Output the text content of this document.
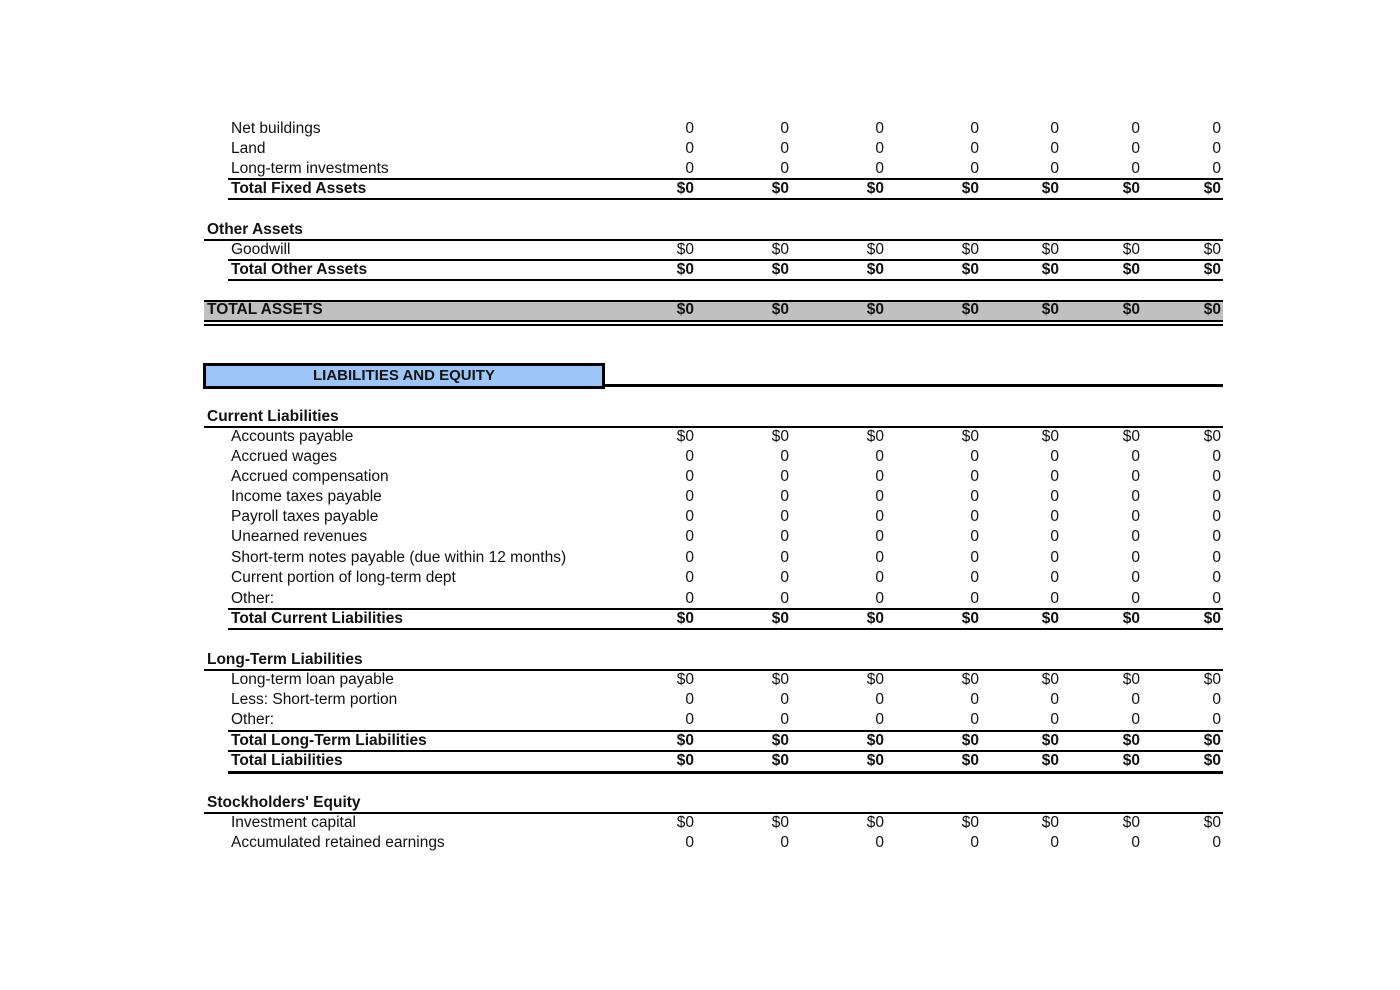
Net buildings	0	0	0	0	0	0	0
Land	0	0	0	0	0	0	0
Long-term investments	0	0	0	0	0	0	0
Total Fixed Assets	$0	$0	$0	$0	$0	$0	$0
Other Assets
Goodwill	$0	$0	$0	$0	$0	$0	$0
Total Other Assets	$0	$0	$0	$0	$0	$0	$0
TOTAL ASSETS	$0	$0	$0	$0	$0	$0	$0
LIABILITIES AND EQUITY
Current Liabilities
Accounts payable	$0	$0	$0	$0	$0	$0	$0
Accrued wages	0	0	0	0	0	0	0
Accrued compensation	0	0	0	0	0	0	0
Income taxes payable	0	0	0	0	0	0	0
Payroll taxes payable	0	0	0	0	0	0	0
Unearned revenues	0	0	0	0	0	0	0
Short-term notes payable (due within 12 months)	0	0	0	0	0	0	0
Current portion of long-term dept	0	0	0	0	0	0	0
Other:	0	0	0	0	0	0	0
Total Current Liabilities	$0	$0	$0	$0	$0	$0	$0
Long-Term Liabilities
Long-term loan payable	$0	$0	$0	$0	$0	$0	$0
Less: Short-term portion	0	0	0	0	0	0	0
Other:	0	0	0	0	0	0	0
Total Long-Term Liabilities	$0	$0	$0	$0	$0	$0	$0
Total Liabilities	$0	$0	$0	$0	$0	$0	$0
Stockholders' Equity
Investment capital	$0	$0	$0	$0	$0	$0	$0
Accumulated retained earnings	0	0	0	0	0	0	0
